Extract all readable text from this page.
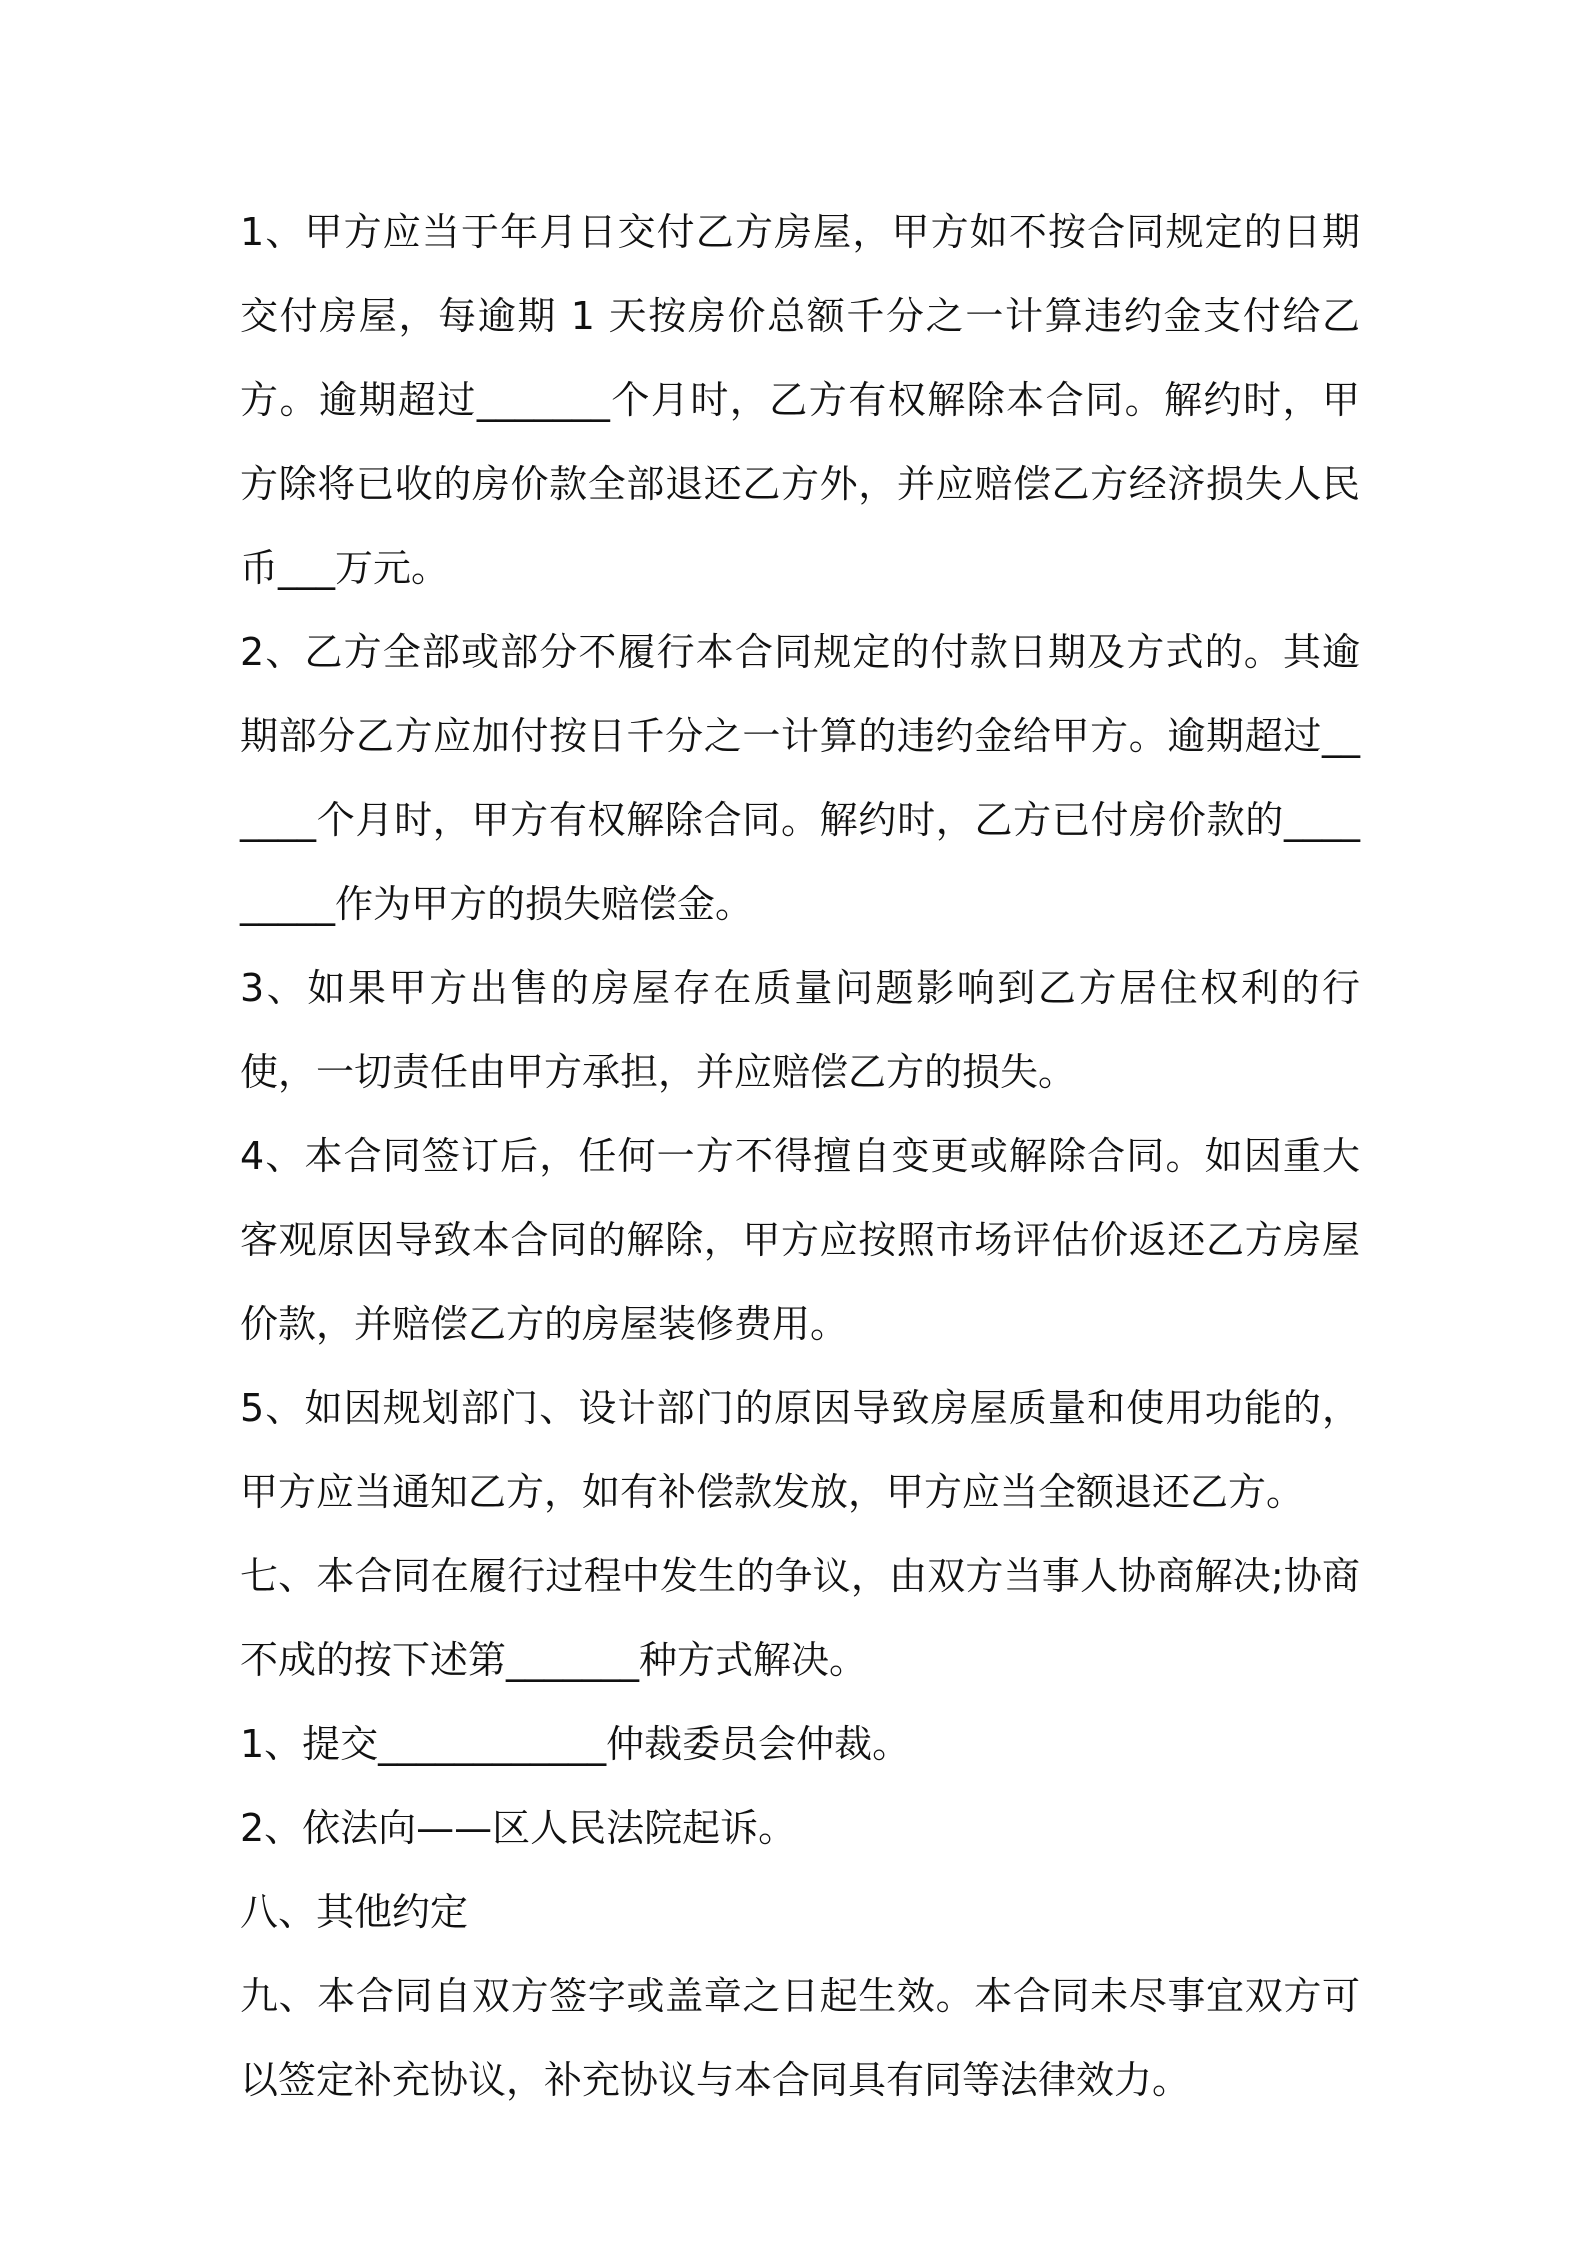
1、甲方应当于年月日交付乙方房屋，甲方如不按合同规定的日期交付房屋，每逾期 1 天按房价总额千分之一计算违约金支付给乙方。逾期超过_______个月时，乙方有权解除本合同。解约时，甲方除将已收的房价款全部退还乙方外，并应赔偿乙方经济损失人民币___万元。

2、乙方全部或部分不履行本合同规定的付款日期及方式的。其逾期部分乙方应加付按日千分之一计算的违约金给甲方。逾期超过______个月时，甲方有权解除合同。解约时，乙方已付房价款的_________作为甲方的损失赔偿金。

3、如果甲方出售的房屋存在质量问题影响到乙方居住权利的行使，一切责任由甲方承担，并应赔偿乙方的损失。

4、本合同签订后，任何一方不得擅自变更或解除合同。如因重大客观原因导致本合同的解除，甲方应按照市场评估价返还乙方房屋价款，并赔偿乙方的房屋装修费用。

5、如因规划部门、设计部门的原因导致房屋质量和使用功能的，甲方应当通知乙方，如有补偿款发放，甲方应当全额退还乙方。

七、本合同在履行过程中发生的争议，由双方当事人协商解决;协商不成的按下述第_______种方式解决。

1、提交____________仲裁委员会仲裁。

2、依法向——区人民法院起诉。

八、其他约定

九、本合同自双方签字或盖章之日起生效。本合同未尽事宜双方可以签定补充协议，补充协议与本合同具有同等法律效力。
